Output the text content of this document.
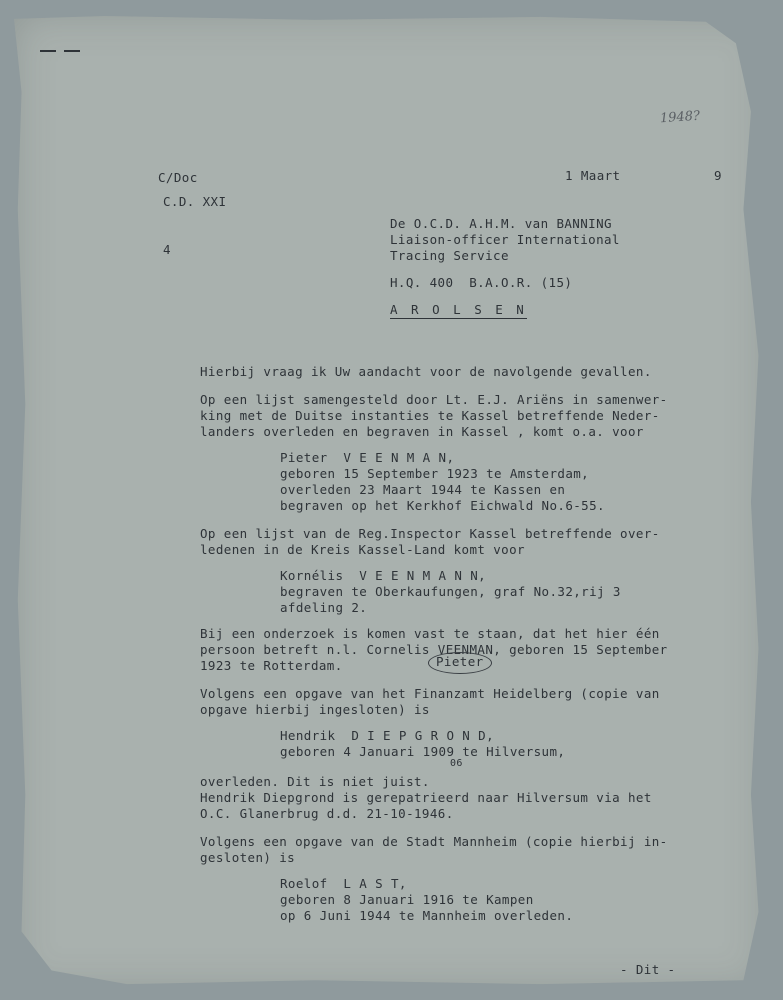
C/Doc
C.D. XXI
4
1 Maart	9
1948?
De O.C.D. A.H.M. van BANNING
Liaison-officer International
Tracing Service
H.Q. 400  B.A.O.R. (15)
A R O L S E N
Hierbij vraag ik Uw aandacht voor de navolgende gevallen.
Op een lijst samengesteld door Lt. E.J. Ariëns in samenwer-
king met de Duitse instanties te Kassel betreffende Neder-
landers overleden en begraven in Kassel , komt o.a. voor
Pieter  V E E N M A N,
geboren 15 September 1923 te Amsterdam,
overleden 23 Maart 1944 te Kassen en
begraven op het Kerkhof Eichwald No.6-55.
Op een lijst van de Reg.Inspector Kassel betreffende over-
ledenen in de Kreis Kassel-Land komt voor
Kornélis  V E E N M A N N,
begraven te Oberkaufungen, graf No.32,rij 3
afdeling 2.
Bij een onderzoek is komen vast te staan, dat het hier één
persoon betreft n.l. Cornelis VEENMAN, geboren 15 September
1923 te Rotterdam.	Pieter
Volgens een opgave van het Finanzamt Heidelberg (copie van
opgave hierbij ingesloten) is
Hendrik  D I E P G R O N D,
geboren 4 Januari 1909 te Hilversum,
06
overleden. Dit is niet juist.
Hendrik Diepgrond is gerepatrieerd naar Hilversum via het
O.C. Glanerbrug d.d. 21-10-1946.
Volgens een opgave van de Stadt Mannheim (copie hierbij in-
gesloten) is
Roelof  L A S T,
geboren 8 Januari 1916 te Kampen
op 6 Juni 1944 te Mannheim overleden.
- Dit -
